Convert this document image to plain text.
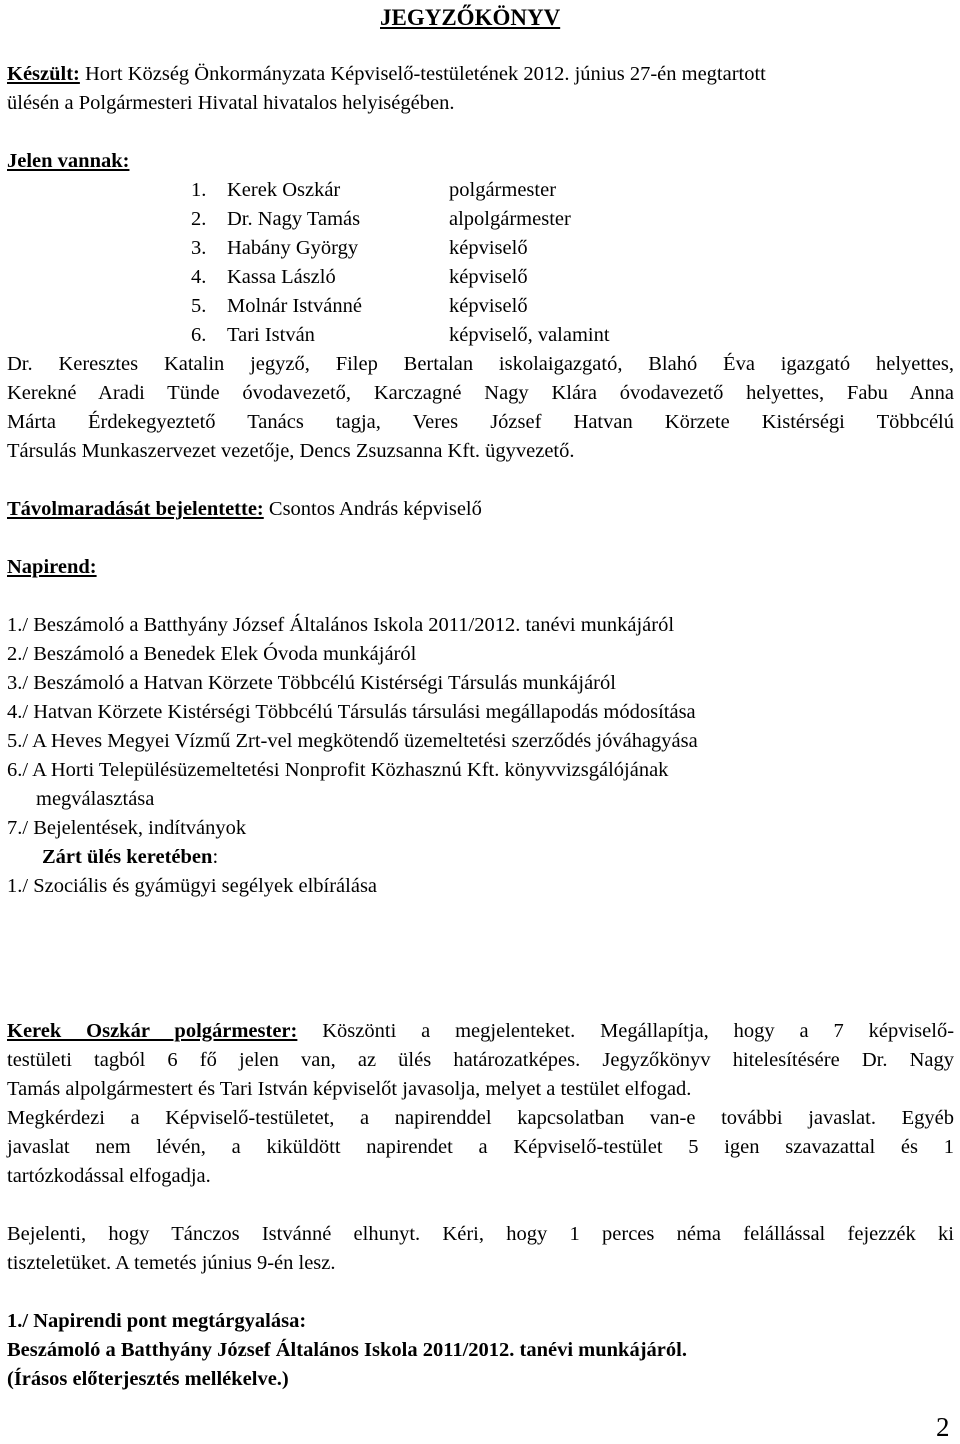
JEGYZŐKÖNYV
Készült: Hort Község Önkormányzata Képviselő-testületének 2012. június 27-én megtartott
ülésén a Polgármesteri Hivatal hivatalos helyiségében.
Jelen vannak:
1. Kerek Oszkár	polgármester
2. Dr. Nagy Tamás	alpolgármester
3. Habány György	képviselő
4. Kassa László	képviselő
5. Molnár Istvánné	képviselő
6. Tari István	képviselő, valamint
Dr. Keresztes Katalin jegyző, Filep Bertalan iskolaigazgató, Blahó Éva igazgató helyettes,
Kerekné Aradi Tünde óvodavezető, Karczagné Nagy Klára óvodavezető helyettes, Fabu Anna
Márta Érdekegyeztető Tanács tagja, Veres József Hatvan Körzete Kistérségi Többcélú
Társulás Munkaszervezet vezetője, Dencs Zsuzsanna Kft. ügyvezető.
Távolmaradását bejelentette: Csontos András képviselő
Napirend:
1./ Beszámoló a Batthyány József Általános Iskola 2011/2012. tanévi munkájáról
2./ Beszámoló a Benedek Elek Óvoda munkájáról
3./ Beszámoló a Hatvan Körzete Többcélú Kistérségi Társulás munkájáról
4./ Hatvan Körzete Kistérségi Többcélú Társulás társulási megállapodás módosítása
5./ A Heves Megyei Vízmű Zrt-vel megkötendő üzemeltetési szerződés jóváhagyása
6./ A Horti Településüzemeltetési Nonprofit Közhasznú Kft. könyvvizsgálójának
megválasztása
7./ Bejelentések, indítványok
Zárt ülés keretében:
1./ Szociális és gyámügyi segélyek elbírálása
Kerek Oszkár polgármester: Köszönti a megjelenteket. Megállapítja, hogy a 7 képviselő-
testületi tagból 6 fő jelen van, az ülés határozatképes. Jegyzőkönyv hitelesítésére Dr. Nagy
Tamás alpolgármestert és Tari István képviselőt javasolja, melyet a testület elfogad.
Megkérdezi a Képviselő-testületet, a napirenddel kapcsolatban van-e további javaslat. Egyéb
javaslat nem lévén, a kiküldött napirendet a Képviselő-testület 5 igen szavazattal és 1
tartózkodással elfogadja.
Bejelenti, hogy Tánczos Istvánné elhunyt. Kéri, hogy 1 perces néma felállással fejezzék ki
tiszteletüket. A temetés június 9-én lesz.
1./ Napirendi pont megtárgyalása:
Beszámoló a Batthyány József Általános Iskola 2011/2012. tanévi munkájáról.
(Írásos előterjesztés mellékelve.)
2
